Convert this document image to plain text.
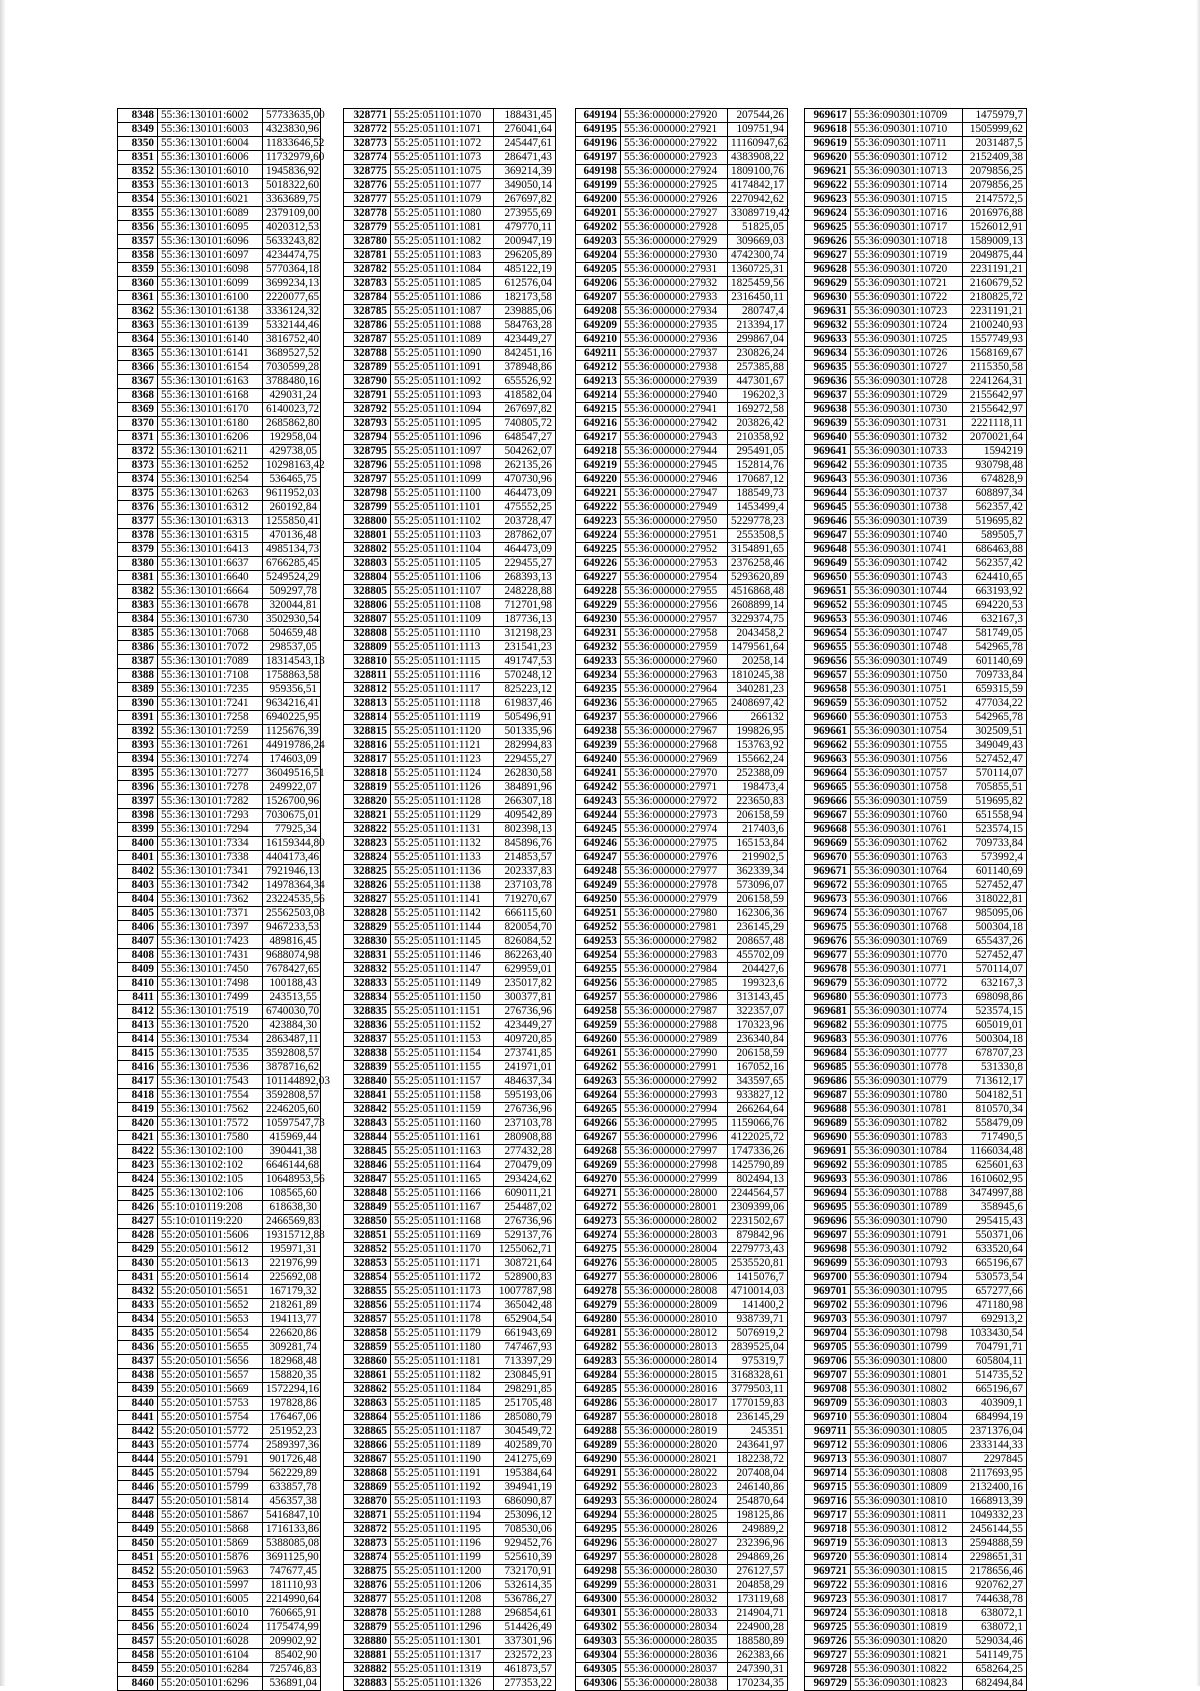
8348	55:36:130101:6002	57733635,00
8349	55:36:130101:6003	4323830,96
8350	55:36:130101:6004	11833646,52
8351	55:36:130101:6006	11732979,60
8352	55:36:130101:6010	1945836,92
8353	55:36:130101:6013	5018322,60
8354	55:36:130101:6021	3363689,75
8355	55:36:130101:6089	2379109,00
8356	55:36:130101:6095	4020312,53
8357	55:36:130101:6096	5633243,82
8358	55:36:130101:6097	4234474,75
8359	55:36:130101:6098	5770364,18
8360	55:36:130101:6099	3699234,13
8361	55:36:130101:6100	2220077,65
8362	55:36:130101:6138	3336124,32
8363	55:36:130101:6139	5332144,46
8364	55:36:130101:6140	3816752,40
8365	55:36:130101:6141	3689527,52
8366	55:36:130101:6154	7030599,28
8367	55:36:130101:6163	3788480,16
8368	55:36:130101:6168	429031,24
8369	55:36:130101:6170	6140023,72
8370	55:36:130101:6180	2685862,80
8371	55:36:130101:6206	192958,04
8372	55:36:130101:6211	429738,05
8373	55:36:130101:6252	10298163,42
8374	55:36:130101:6254	536465,75
8375	55:36:130101:6263	9611952,03
8376	55:36:130101:6312	260192,84
8377	55:36:130101:6313	1255850,41
8378	55:36:130101:6315	470136,48
8379	55:36:130101:6413	4985134,73
8380	55:36:130101:6637	6766285,45
8381	55:36:130101:6640	5249524,29
8382	55:36:130101:6664	509297,78
8383	55:36:130101:6678	320044,81
8384	55:36:130101:6730	3502930,54
8385	55:36:130101:7068	504659,48
8386	55:36:130101:7072	298537,05
8387	55:36:130101:7089	18314543,13
8388	55:36:130101:7108	1758863,58
8389	55:36:130101:7235	959356,51
8390	55:36:130101:7241	9634216,41
8391	55:36:130101:7258	6940225,95
8392	55:36:130101:7259	1125676,39
8393	55:36:130101:7261	44919786,24
8394	55:36:130101:7274	174603,09
8395	55:36:130101:7277	36049516,51
8396	55:36:130101:7278	249922,07
8397	55:36:130101:7282	1526700,96
8398	55:36:130101:7293	7030675,01
8399	55:36:130101:7294	77925,34
8400	55:36:130101:7334	16159344,80
8401	55:36:130101:7338	4404173,46
8402	55:36:130101:7341	7921946,13
8403	55:36:130101:7342	14978364,34
8404	55:36:130101:7362	23224535,56
8405	55:36:130101:7371	25562503,08
8406	55:36:130101:7397	9467233,53
8407	55:36:130101:7423	489816,45
8408	55:36:130101:7431	9688074,98
8409	55:36:130101:7450	7678427,65
8410	55:36:130101:7498	100188,43
8411	55:36:130101:7499	243513,55
8412	55:36:130101:7519	6740030,70
8413	55:36:130101:7520	423884,30
8414	55:36:130101:7534	2863487,11
8415	55:36:130101:7535	3592808,57
8416	55:36:130101:7536	3878716,62
8417	55:36:130101:7543	101144892,03
8418	55:36:130101:7554	3592808,57
8419	55:36:130101:7562	2246205,60
8420	55:36:130101:7572	10597547,73
8421	55:36:130101:7580	415969,44
8422	55:36:130102:100	390441,38
8423	55:36:130102:102	6646144,68
8424	55:36:130102:105	10648953,56
8425	55:36:130102:106	108565,60
8426	55:10:010119:208	618638,30
8427	55:10:010119:220	2466569,83
8428	55:20:050101:5606	19315712,88
8429	55:20:050101:5612	195971,31
8430	55:20:050101:5613	221976,99
8431	55:20:050101:5614	225692,08
8432	55:20:050101:5651	167179,32
8433	55:20:050101:5652	218261,89
8434	55:20:050101:5653	194113,77
8435	55:20:050101:5654	226620,86
8436	55:20:050101:5655	309281,74
8437	55:20:050101:5656	182968,48
8438	55:20:050101:5657	158820,35
8439	55:20:050101:5669	1572294,16
8440	55:20:050101:5753	197828,86
8441	55:20:050101:5754	176467,06
8442	55:20:050101:5772	251952,23
8443	55:20:050101:5774	2589397,36
8444	55:20:050101:5791	901726,48
8445	55:20:050101:5794	562229,89
8446	55:20:050101:5799	633857,78
8447	55:20:050101:5814	456357,38
8448	55:20:050101:5867	5416847,10
8449	55:20:050101:5868	1716133,86
8450	55:20:050101:5869	5388085,08
8451	55:20:050101:5876	3691125,90
8452	55:20:050101:5963	747677,45
8453	55:20:050101:5997	181110,93
8454	55:20:050101:6005	2214990,64
8455	55:20:050101:6010	760665,91
8456	55:20:050101:6024	1175474,99
8457	55:20:050101:6028	209902,92
8458	55:20:050101:6104	85402,90
8459	55:20:050101:6284	725746,83
8460	55:20:050101:6296	536891,04
328771	55:25:051101:1070	188431,45
328772	55:25:051101:1071	276041,64
328773	55:25:051101:1072	245447,61
328774	55:25:051101:1073	286471,43
328775	55:25:051101:1075	369214,39
328776	55:25:051101:1077	349050,14
328777	55:25:051101:1079	267697,82
328778	55:25:051101:1080	273955,69
328779	55:25:051101:1081	479770,11
328780	55:25:051101:1082	200947,19
328781	55:25:051101:1083	296205,89
328782	55:25:051101:1084	485122,19
328783	55:25:051101:1085	612576,04
328784	55:25:051101:1086	182173,58
328785	55:25:051101:1087	239885,06
328786	55:25:051101:1088	584763,28
328787	55:25:051101:1089	423449,27
328788	55:25:051101:1090	842451,16
328789	55:25:051101:1091	378948,86
328790	55:25:051101:1092	655526,92
328791	55:25:051101:1093	418582,04
328792	55:25:051101:1094	267697,82
328793	55:25:051101:1095	740805,72
328794	55:25:051101:1096	648547,27
328795	55:25:051101:1097	504262,07
328796	55:25:051101:1098	262135,26
328797	55:25:051101:1099	470730,96
328798	55:25:051101:1100	464473,09
328799	55:25:051101:1101	475552,25
328800	55:25:051101:1102	203728,47
328801	55:25:051101:1103	287862,07
328802	55:25:051101:1104	464473,09
328803	55:25:051101:1105	229455,27
328804	55:25:051101:1106	268393,13
328805	55:25:051101:1107	248228,88
328806	55:25:051101:1108	712701,98
328807	55:25:051101:1109	187736,13
328808	55:25:051101:1110	312198,23
328809	55:25:051101:1113	231541,23
328810	55:25:051101:1115	491747,53
328811	55:25:051101:1116	570248,12
328812	55:25:051101:1117	825223,12
328813	55:25:051101:1118	619837,46
328814	55:25:051101:1119	505496,91
328815	55:25:051101:1120	501335,96
328816	55:25:051101:1121	282994,83
328817	55:25:051101:1123	229455,27
328818	55:25:051101:1124	262830,58
328819	55:25:051101:1126	384891,96
328820	55:25:051101:1128	266307,18
328821	55:25:051101:1129	409542,89
328822	55:25:051101:1131	802398,13
328823	55:25:051101:1132	845896,76
328824	55:25:051101:1133	214853,57
328825	55:25:051101:1136	202337,83
328826	55:25:051101:1138	237103,78
328827	55:25:051101:1141	719270,67
328828	55:25:051101:1142	666115,60
328829	55:25:051101:1144	820054,70
328830	55:25:051101:1145	826084,52
328831	55:25:051101:1146	862263,40
328832	55:25:051101:1147	629959,01
328833	55:25:051101:1149	235017,82
328834	55:25:051101:1150	300377,81
328835	55:25:051101:1151	276736,96
328836	55:25:051101:1152	423449,27
328837	55:25:051101:1153	409720,85
328838	55:25:051101:1154	273741,85
328839	55:25:051101:1155	241971,01
328840	55:25:051101:1157	484637,34
328841	55:25:051101:1158	595193,06
328842	55:25:051101:1159	276736,96
328843	55:25:051101:1160	237103,78
328844	55:25:051101:1161	280908,88
328845	55:25:051101:1163	277432,28
328846	55:25:051101:1164	270479,09
328847	55:25:051101:1165	293424,62
328848	55:25:051101:1166	609011,21
328849	55:25:051101:1167	254487,02
328850	55:25:051101:1168	276736,96
328851	55:25:051101:1169	529137,76
328852	55:25:051101:1170	1255062,71
328853	55:25:051101:1171	308721,64
328854	55:25:051101:1172	528900,83
328855	55:25:051101:1173	1007787,98
328856	55:25:051101:1174	365042,48
328857	55:25:051101:1178	652904,54
328858	55:25:051101:1179	661943,69
328859	55:25:051101:1180	747467,93
328860	55:25:051101:1181	713397,29
328861	55:25:051101:1182	230845,91
328862	55:25:051101:1184	298291,85
328863	55:25:051101:1185	251705,48
328864	55:25:051101:1186	285080,79
328865	55:25:051101:1187	304549,72
328866	55:25:051101:1189	402589,70
328867	55:25:051101:1190	241275,69
328868	55:25:051101:1191	195384,64
328869	55:25:051101:1192	394941,19
328870	55:25:051101:1193	686090,87
328871	55:25:051101:1194	253096,12
328872	55:25:051101:1195	708530,06
328873	55:25:051101:1196	929452,76
328874	55:25:051101:1199	525610,39
328875	55:25:051101:1200	732170,91
328876	55:25:051101:1206	532614,35
328877	55:25:051101:1208	536786,27
328878	55:25:051101:1288	296854,61
328879	55:25:051101:1296	514426,49
328880	55:25:051101:1301	337301,96
328881	55:25:051101:1317	232572,23
328882	55:25:051101:1319	461873,57
328883	55:25:051101:1326	277353,22
649194	55:36:000000:27920	207544,26
649195	55:36:000000:27921	109751,94
649196	55:36:000000:27922	11160947,62
649197	55:36:000000:27923	4383908,22
649198	55:36:000000:27924	1809100,76
649199	55:36:000000:27925	4174842,17
649200	55:36:000000:27926	2270942,62
649201	55:36:000000:27927	33089719,42
649202	55:36:000000:27928	51825,05
649203	55:36:000000:27929	309669,03
649204	55:36:000000:27930	4742300,74
649205	55:36:000000:27931	1360725,31
649206	55:36:000000:27932	1825459,56
649207	55:36:000000:27933	2316450,11
649208	55:36:000000:27934	280747,4
649209	55:36:000000:27935	213394,17
649210	55:36:000000:27936	299867,04
649211	55:36:000000:27937	230826,24
649212	55:36:000000:27938	257385,88
649213	55:36:000000:27939	447301,67
649214	55:36:000000:27940	196202,3
649215	55:36:000000:27941	169272,58
649216	55:36:000000:27942	203826,42
649217	55:36:000000:27943	210358,92
649218	55:36:000000:27944	295491,05
649219	55:36:000000:27945	152814,76
649220	55:36:000000:27946	170687,12
649221	55:36:000000:27947	188549,73
649222	55:36:000000:27949	1453499,4
649223	55:36:000000:27950	5229778,23
649224	55:36:000000:27951	2553508,5
649225	55:36:000000:27952	3154891,65
649226	55:36:000000:27953	2376258,46
649227	55:36:000000:27954	5293620,89
649228	55:36:000000:27955	4516868,48
649229	55:36:000000:27956	2608899,14
649230	55:36:000000:27957	3229374,75
649231	55:36:000000:27958	2043458,2
649232	55:36:000000:27959	1479561,64
649233	55:36:000000:27960	20258,14
649234	55:36:000000:27963	1810245,38
649235	55:36:000000:27964	340281,23
649236	55:36:000000:27965	2408697,42
649237	55:36:000000:27966	266132
649238	55:36:000000:27967	199826,95
649239	55:36:000000:27968	153763,92
649240	55:36:000000:27969	155662,24
649241	55:36:000000:27970	252388,09
649242	55:36:000000:27971	198473,4
649243	55:36:000000:27972	223650,83
649244	55:36:000000:27973	206158,59
649245	55:36:000000:27974	217403,6
649246	55:36:000000:27975	165153,84
649247	55:36:000000:27976	219902,5
649248	55:36:000000:27977	362339,34
649249	55:36:000000:27978	573096,07
649250	55:36:000000:27979	206158,59
649251	55:36:000000:27980	162306,36
649252	55:36:000000:27981	236145,29
649253	55:36:000000:27982	208657,48
649254	55:36:000000:27983	455702,09
649255	55:36:000000:27984	204427,6
649256	55:36:000000:27985	199323,6
649257	55:36:000000:27986	313143,45
649258	55:36:000000:27987	322357,07
649259	55:36:000000:27988	170323,96
649260	55:36:000000:27989	236340,84
649261	55:36:000000:27990	206158,59
649262	55:36:000000:27991	167052,16
649263	55:36:000000:27992	343597,65
649264	55:36:000000:27993	933827,12
649265	55:36:000000:27994	266264,64
649266	55:36:000000:27995	1159066,76
649267	55:36:000000:27996	4122025,72
649268	55:36:000000:27997	1747336,26
649269	55:36:000000:27998	1425790,89
649270	55:36:000000:27999	802494,13
649271	55:36:000000:28000	2244564,57
649272	55:36:000000:28001	2309399,06
649273	55:36:000000:28002	2231502,67
649274	55:36:000000:28003	879842,96
649275	55:36:000000:28004	2279773,43
649276	55:36:000000:28005	2535520,81
649277	55:36:000000:28006	1415076,7
649278	55:36:000000:28008	4710014,03
649279	55:36:000000:28009	141400,2
649280	55:36:000000:28010	938739,71
649281	55:36:000000:28012	5076919,2
649282	55:36:000000:28013	2839525,04
649283	55:36:000000:28014	975319,7
649284	55:36:000000:28015	3168328,61
649285	55:36:000000:28016	3779503,11
649286	55:36:000000:28017	1770159,83
649287	55:36:000000:28018	236145,29
649288	55:36:000000:28019	245351
649289	55:36:000000:28020	243641,97
649290	55:36:000000:28021	182238,72
649291	55:36:000000:28022	207408,04
649292	55:36:000000:28023	246140,86
649293	55:36:000000:28024	254870,64
649294	55:36:000000:28025	198125,86
649295	55:36:000000:28026	249889,2
649296	55:36:000000:28027	232396,96
649297	55:36:000000:28028	294869,26
649298	55:36:000000:28030	276127,57
649299	55:36:000000:28031	204858,29
649300	55:36:000000:28032	173119,68
649301	55:36:000000:28033	214904,71
649302	55:36:000000:28034	224900,28
649303	55:36:000000:28035	188580,89
649304	55:36:000000:28036	262383,66
649305	55:36:000000:28037	247390,31
649306	55:36:000000:28038	170234,35
969617	55:36:090301:10709	1475979,7
969618	55:36:090301:10710	1505999,62
969619	55:36:090301:10711	2031487,5
969620	55:36:090301:10712	2152409,38
969621	55:36:090301:10713	2079856,25
969622	55:36:090301:10714	2079856,25
969623	55:36:090301:10715	2147572,5
969624	55:36:090301:10716	2016976,88
969625	55:36:090301:10717	1526012,91
969626	55:36:090301:10718	1589009,13
969627	55:36:090301:10719	2049875,44
969628	55:36:090301:10720	2231191,21
969629	55:36:090301:10721	2160679,52
969630	55:36:090301:10722	2180825,72
969631	55:36:090301:10723	2231191,21
969632	55:36:090301:10724	2100240,93
969633	55:36:090301:10725	1557749,93
969634	55:36:090301:10726	1568169,67
969635	55:36:090301:10727	2115350,58
969636	55:36:090301:10728	2241264,31
969637	55:36:090301:10729	2155642,97
969638	55:36:090301:10730	2155642,97
969639	55:36:090301:10731	2221118,11
969640	55:36:090301:10732	2070021,64
969641	55:36:090301:10733	1594219
969642	55:36:090301:10735	930798,48
969643	55:36:090301:10736	674828,9
969644	55:36:090301:10737	608897,34
969645	55:36:090301:10738	562357,42
969646	55:36:090301:10739	519695,82
969647	55:36:090301:10740	589505,7
969648	55:36:090301:10741	686463,88
969649	55:36:090301:10742	562357,42
969650	55:36:090301:10743	624410,65
969651	55:36:090301:10744	663193,92
969652	55:36:090301:10745	694220,53
969653	55:36:090301:10746	632167,3
969654	55:36:090301:10747	581749,05
969655	55:36:090301:10748	542965,78
969656	55:36:090301:10749	601140,69
969657	55:36:090301:10750	709733,84
969658	55:36:090301:10751	659315,59
969659	55:36:090301:10752	477034,22
969660	55:36:090301:10753	542965,78
969661	55:36:090301:10754	302509,51
969662	55:36:090301:10755	349049,43
969663	55:36:090301:10756	527452,47
969664	55:36:090301:10757	570114,07
969665	55:36:090301:10758	705855,51
969666	55:36:090301:10759	519695,82
969667	55:36:090301:10760	651558,94
969668	55:36:090301:10761	523574,15
969669	55:36:090301:10762	709733,84
969670	55:36:090301:10763	573992,4
969671	55:36:090301:10764	601140,69
969672	55:36:090301:10765	527452,47
969673	55:36:090301:10766	318022,81
969674	55:36:090301:10767	985095,06
969675	55:36:090301:10768	500304,18
969676	55:36:090301:10769	655437,26
969677	55:36:090301:10770	527452,47
969678	55:36:090301:10771	570114,07
969679	55:36:090301:10772	632167,3
969680	55:36:090301:10773	698098,86
969681	55:36:090301:10774	523574,15
969682	55:36:090301:10775	605019,01
969683	55:36:090301:10776	500304,18
969684	55:36:090301:10777	678707,23
969685	55:36:090301:10778	531330,8
969686	55:36:090301:10779	713612,17
969687	55:36:090301:10780	504182,51
969688	55:36:090301:10781	810570,34
969689	55:36:090301:10782	558479,09
969690	55:36:090301:10783	717490,5
969691	55:36:090301:10784	1166034,48
969692	55:36:090301:10785	625601,63
969693	55:36:090301:10786	1610602,95
969694	55:36:090301:10788	3474997,88
969695	55:36:090301:10789	358945,6
969696	55:36:090301:10790	295415,43
969697	55:36:090301:10791	550371,06
969698	55:36:090301:10792	633520,64
969699	55:36:090301:10793	665196,67
969700	55:36:090301:10794	530573,54
969701	55:36:090301:10795	657277,66
969702	55:36:090301:10796	471180,98
969703	55:36:090301:10797	692913,2
969704	55:36:090301:10798	1033430,54
969705	55:36:090301:10799	704791,71
969706	55:36:090301:10800	605804,11
969707	55:36:090301:10801	514735,52
969708	55:36:090301:10802	665196,67
969709	55:36:090301:10803	403909,1
969710	55:36:090301:10804	684994,19
969711	55:36:090301:10805	2371376,04
969712	55:36:090301:10806	2333144,33
969713	55:36:090301:10807	2297845
969714	55:36:090301:10808	2117693,95
969715	55:36:090301:10809	2132400,16
969716	55:36:090301:10810	1668913,39
969717	55:36:090301:10811	1049332,23
969718	55:36:090301:10812	2456144,55
969719	55:36:090301:10813	2594888,59
969720	55:36:090301:10814	2298651,31
969721	55:36:090301:10815	2178656,46
969722	55:36:090301:10816	920762,27
969723	55:36:090301:10817	744638,78
969724	55:36:090301:10818	638072,1
969725	55:36:090301:10819	638072,1
969726	55:36:090301:10820	529034,46
969727	55:36:090301:10821	541149,75
969728	55:36:090301:10822	658264,25
969729	55:36:090301:10823	682494,84
